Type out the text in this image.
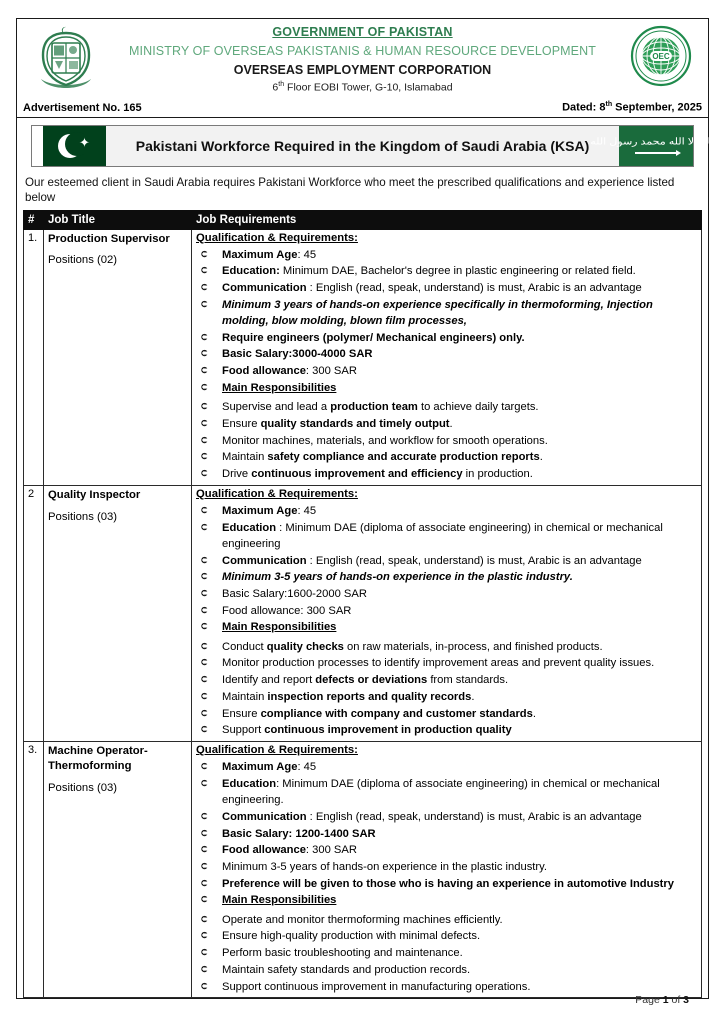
OEC
GOVERNMENT OF PAKISTAN
MINISTRY OF OVERSEAS PAKISTANIS & HUMAN RESOURCE DEVELOPMENT
OVERSEAS EMPLOYMENT CORPORATION
6th Floor EOBI Tower, G-10, Islamabad
Advertisement No. 165	Dated: 8th September, 2025
✦	Pakistani Workforce Required in the Kingdom of Saudi Arabia (KSA) لا إله إلا الله محمد رسول الله
Our esteemed client in Saudi Arabia requires Pakistani Workforce who meet the prescribed qualifications and experience listed below
#	Job Title	Job Requirements
1.	Production Supervisor
Positions (02)

Qualification & Requirements:
➲ Maximum Age: 45
➲ Education: Minimum DAE, Bachelor's degree in plastic engineering or related field.
➲ Communication : English (read, speak, understand) is must, Arabic is an advantage
➲ Minimum 3 years of hands-on experience specifically in thermoforming, Injection molding, blow molding, blown film processes,
➲ Require engineers (polymer/ Mechanical engineers) only.
➲ Basic Salary:3000-4000 SAR
➲ Food allowance: 300 SAR
➲ Main Responsibilities
➲ Supervise and lead a production team to achieve daily targets.
➲ Ensure quality standards and timely output.
➲ Monitor machines, materials, and workflow for smooth operations.
➲ Maintain safety compliance and accurate production reports.
➲ Drive continuous improvement and efficiency in production.

2	Quality Inspector
Positions (03)

Qualification & Requirements:
➲ Maximum Age: 45
➲ Education : Minimum DAE (diploma of associate engineering) in chemical or mechanical engineering
➲ Communication : English (read, speak, understand) is must, Arabic is an advantage
➲ Minimum 3-5 years of hands-on experience in the plastic industry.
➲ Basic Salary:1600-2000 SAR
➲ Food allowance: 300 SAR
➲ Main Responsibilities
➲ Conduct quality checks on raw materials, in-process, and finished products.
➲ Monitor production processes to identify improvement areas and prevent quality issues.
➲ Identify and report defects or deviations from standards.
➲ Maintain inspection reports and quality records.
➲ Ensure compliance with company and customer standards.
➲ Support continuous improvement in production quality

3.	Machine Operator-Thermoforming
Positions (03)

Qualification & Requirements:
➲ Maximum Age: 45
➲ Education: Minimum DAE (diploma of associate engineering) in chemical or mechanical engineering.
➲ Communication : English (read, speak, understand) is must, Arabic is an advantage
➲ Basic Salary: 1200-1400 SAR
➲ Food allowance: 300 SAR
➲ Minimum 3-5 years of hands-on experience in the plastic industry.
➲ Preference will be given to those who is having an experience in automotive Industry
➲ Main Responsibilities
➲ Operate and monitor thermoforming machines efficiently.
➲ Ensure high-quality production with minimal defects.
➲ Perform basic troubleshooting and maintenance.
➲ Maintain safety standards and production records.
➲ Support continuous improvement in manufacturing operations.
Page 1 of 3
